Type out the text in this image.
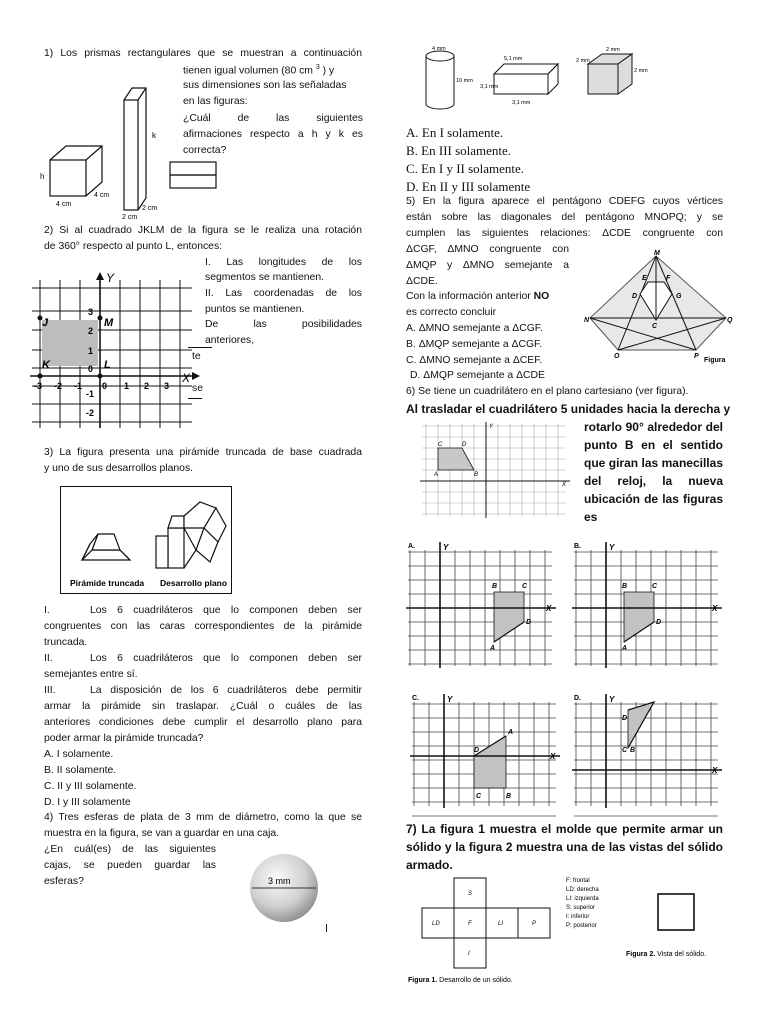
1) Los prismas rectangulares que se muestran a continuación
tienen igual volumen (80 cm $^3$ ) y
sus dimensiones son las señaladas
en las figuras:
¿Cuál de las siguientes
afirmaciones respecto a h y k es
correcta?
h
4 cm
4 cm
k
2 cm
2 cm
2) Si al cuadrado JKLM de la figura se le realiza una rotación
de 360° respecto al punto L, entonces:
I. Las longitudes de los
segmentos se mantienen.
II. Las coordenadas de los
puntos se mantienen.
De las posibilidades
anteriores,
te
se
Y
X
J	M
K	L
-3 -2 -1 0 1 2 3
3
2
1
0
-1
-2
3) La figura presenta una pirámide truncada de base cuadrada
y uno de sus desarrollos planos.
Pirámide truncada Desarrollo plano
I.	Los 6 cuadriláteros que lo componen deben ser
congruentes con las caras correspondientes de la pirámide
truncada.
II.	Los 6 cuadriláteros que lo componen deben ser
semejantes entre sí.
III.	La disposición de los 6 cuadriláteros debe permitir
armar la pirámide sin traslapar. ¿Cuál o cuáles de las
anteriores condiciones debe cumplir el desarrollo plano para
poder armar la pirámide truncada?
A. I solamente.
B. II solamente.
C. II y III solamente.
D. I y III solamente
4) Tres esferas de plata de 3 mm de diámetro, como la que se
muestra en la figura, se van a guardar en una caja.
¿En cuál(es) de las siguientes
cajas, se pueden guardar las
esferas?	3 mm
4 mm
10 mm
5,1 mm
3,1 mm
3,1 mm
2 mm
2 mm
2 mm
A. En I solamente.
B. En III solamente.
C. En I y II solamente.
D. En II y III solamente
5) En la figura aparece el pentágono CDEFG cuyos vértices
están sobre las diagonales del pentágono MNOPQ; y se
cumplen las siguientes relaciones: ΔCDE congruente con
ΔCGF, ΔMNO congruente con
ΔMQP y ΔMNO semejante a
ΔCDE.
Con la información anterior NO
es correcto concluir
A. ΔMNO semejante a ΔCGF.
B. ΔMQP semejante a ΔCGF.
C. ΔMNO semejante a ΔCEF.
D. ΔMQP semejante a ΔCDE
M
N	Q
O	P
C
D
E	F
G
Figura
6) Se tiene un cuadrilátero en el plano cartesiano (ver figura).
Al trasladar el cuadrilátero 5 unidades hacia la derecha y
rotarlo 90° alrededor del
punto B en el sentido
que giran las manecillas
del reloj, la nueva
ubicación de las figuras
es
Y
X
C	D
A	B
A.	Y
X
B	C
D
A
B.	Y
X
B	C
D
A
C.	Y
X
D
A
C	B
D.	Y
X
D
C B
7) La figura 1 muestra el molde que permite armar un
sólido y la figura 2 muestra una de las vistas del sólido
armado.
S
LD	F	LI	P
I
F: frontal
LD: derecha
LI: izquierda
S: superior
I: inferior
P: posterior
Figura 1. Desarrollo de un sólido.
Figura 2. Vista del sólido.
